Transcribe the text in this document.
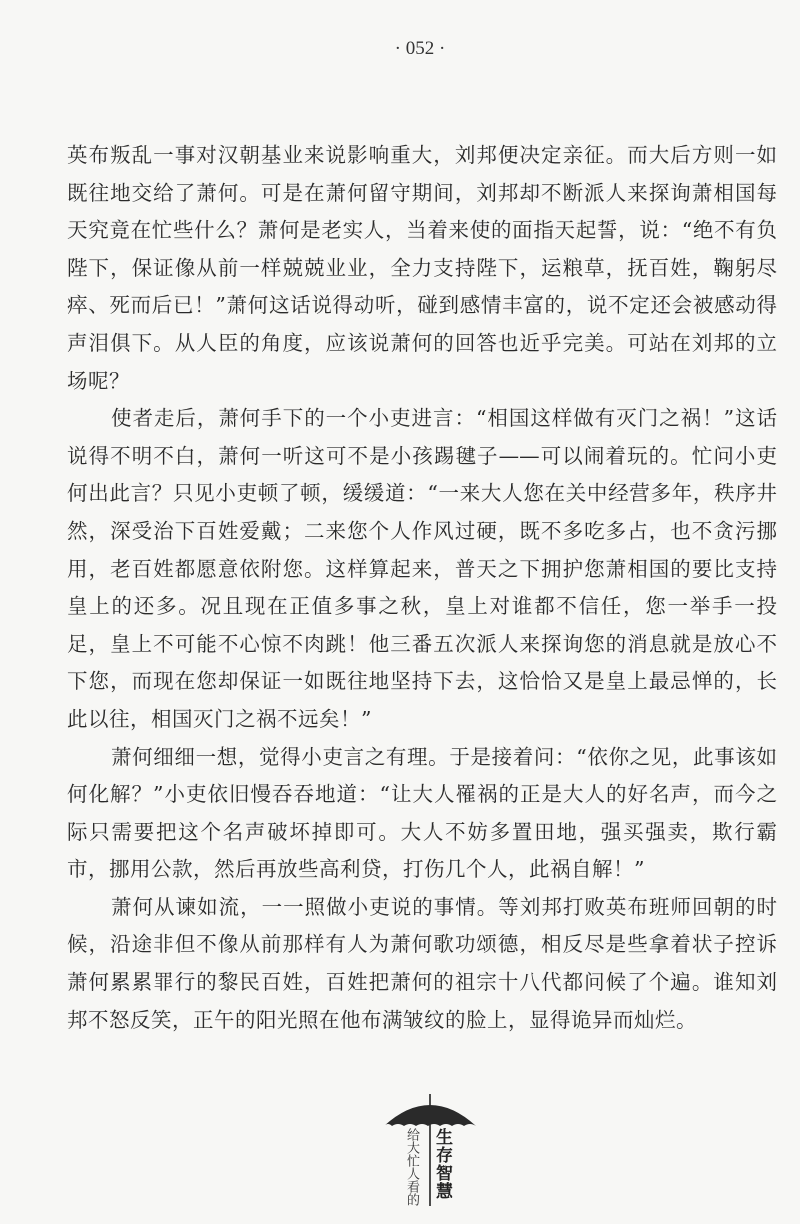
· 052 ·
英布叛乱一事对汉朝基业来说影响重大，刘邦便决定亲征。而大后方则一如
既往地交给了萧何。可是在萧何留守期间，刘邦却不断派人来探询萧相国每
天究竟在忙些什么？萧何是老实人，当着来使的面指天起誓，说：“绝不有负
陛下，保证像从前一样兢兢业业，全力支持陛下，运粮草，抚百姓，鞠躬尽
瘁、死而后已！”萧何这话说得动听，碰到感情丰富的，说不定还会被感动得
声泪俱下。从人臣的角度，应该说萧何的回答也近乎完美。可站在刘邦的立
场呢？
使者走后，萧何手下的一个小吏进言：“相国这样做有灭门之祸！”这话
说得不明不白，萧何一听这可不是小孩踢毽子——可以闹着玩的。忙问小吏
何出此言？只见小吏顿了顿，缓缓道：“一来大人您在关中经营多年，秩序井
然，深受治下百姓爱戴；二来您个人作风过硬，既不多吃多占，也不贪污挪
用，老百姓都愿意依附您。这样算起来，普天之下拥护您萧相国的要比支持
皇上的还多。况且现在正值多事之秋，皇上对谁都不信任，您一举手一投
足，皇上不可能不心惊不肉跳！他三番五次派人来探询您的消息就是放心不
下您，而现在您却保证一如既往地坚持下去，这恰恰又是皇上最忌惮的，长
此以往，相国灭门之祸不远矣！”
萧何细细一想，觉得小吏言之有理。于是接着问：“依你之见，此事该如
何化解？”小吏依旧慢吞吞地道：“让大人罹祸的正是大人的好名声，而今之
际只需要把这个名声破坏掉即可。大人不妨多置田地，强买强卖，欺行霸
市，挪用公款，然后再放些高利贷，打伤几个人，此祸自解！”
萧何从谏如流，一一照做小吏说的事情。等刘邦打败英布班师回朝的时
候，沿途非但不像从前那样有人为萧何歌功颂德，相反尽是些拿着状子控诉
萧何累累罪行的黎民百姓，百姓把萧何的祖宗十八代都问候了个遍。谁知刘
邦不怒反笑，正午的阳光照在他布满皱纹的脸上，显得诡异而灿烂。
生存智慧
给大忙人看的
